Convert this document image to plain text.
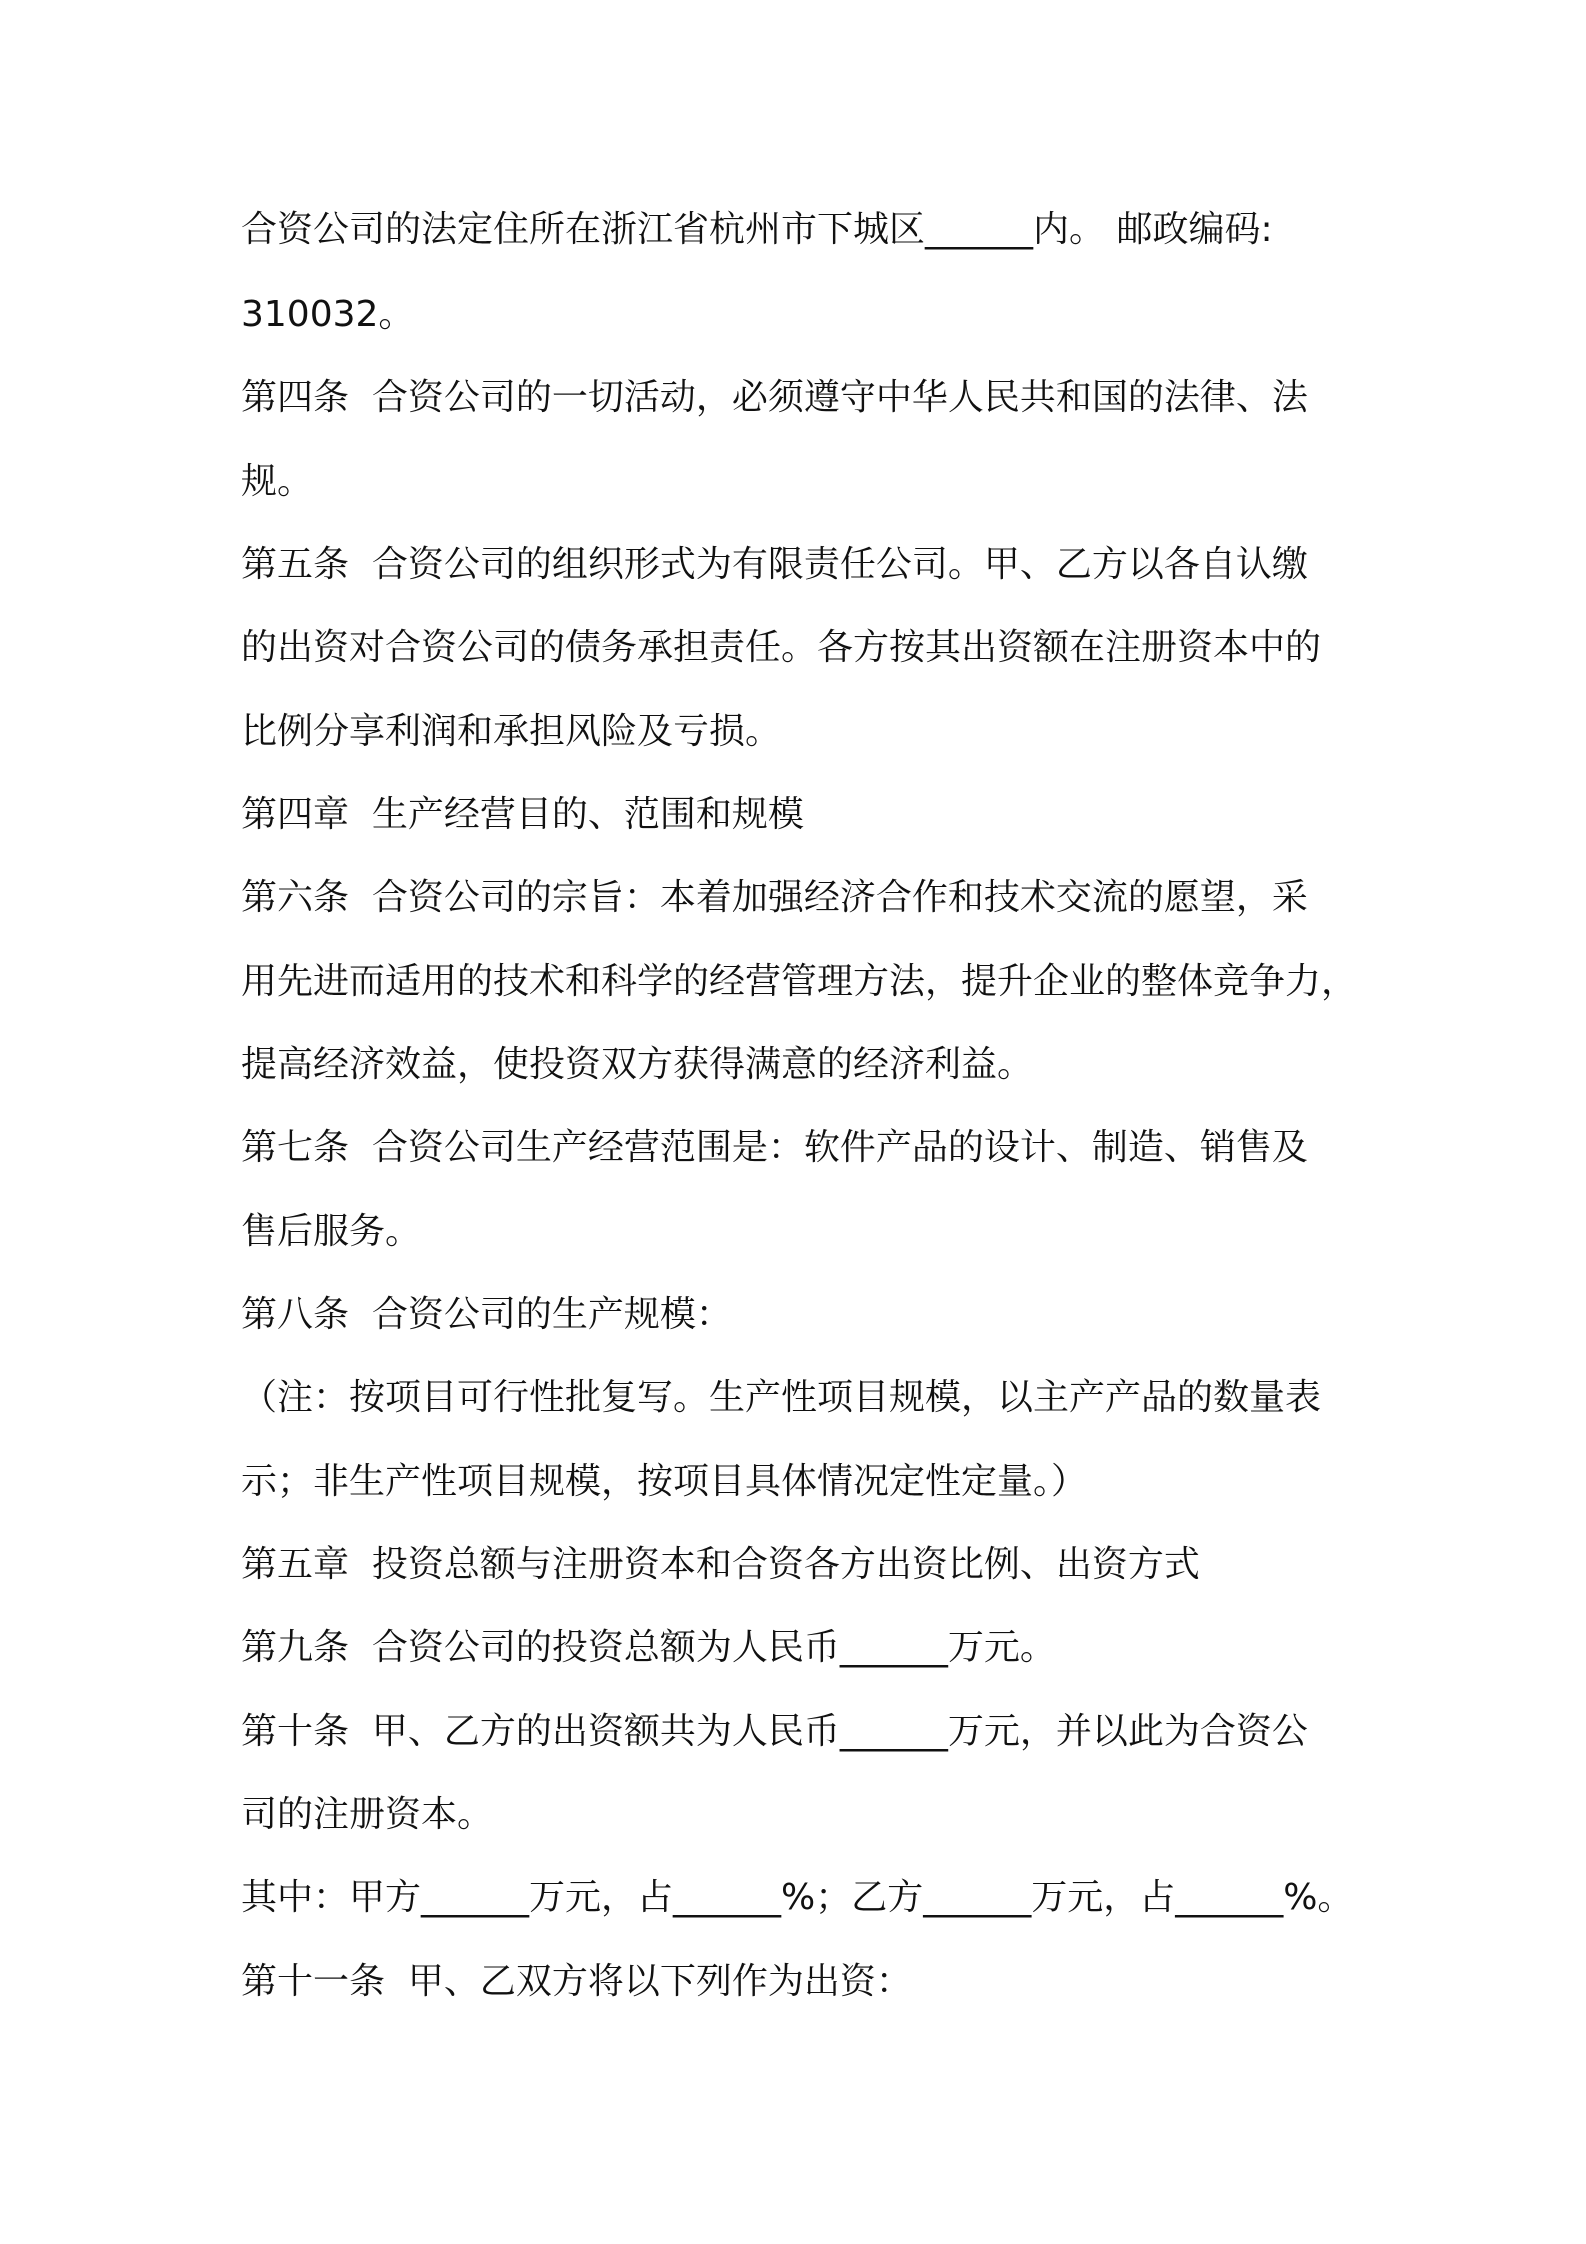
合资公司的法定住所在浙江省杭州市下城区______内。 邮政编码:
310032。
第四条  合资公司的一切活动，必须遵守中华人民共和国的法律、法
规。
第五条  合资公司的组织形式为有限责任公司。甲、乙方以各自认缴
的出资对合资公司的债务承担责任。各方按其出资额在注册资本中的
比例分享利润和承担风险及亏损。
第四章  生产经营目的、范围和规模
第六条  合资公司的宗旨：本着加强经济合作和技术交流的愿望，采
用先进而适用的技术和科学的经营管理方法，提升企业的整体竞争力，
提高经济效益，使投资双方获得满意的经济利益。
第七条  合资公司生产经营范围是：软件产品的设计、制造、销售及
售后服务。
第八条  合资公司的生产规模：
（注：按项目可行性批复写。生产性项目规模，以主产产品的数量表
示；非生产性项目规模，按项目具体情况定性定量。）
第五章  投资总额与注册资本和合资各方出资比例、出资方式
第九条  合资公司的投资总额为人民币______万元。
第十条  甲、乙方的出资额共为人民币______万元，并以此为合资公
司的注册资本。
其中：甲方______万元，占______%；乙方______万元，占______%。
第十一条  甲、乙双方将以下列作为出资：
